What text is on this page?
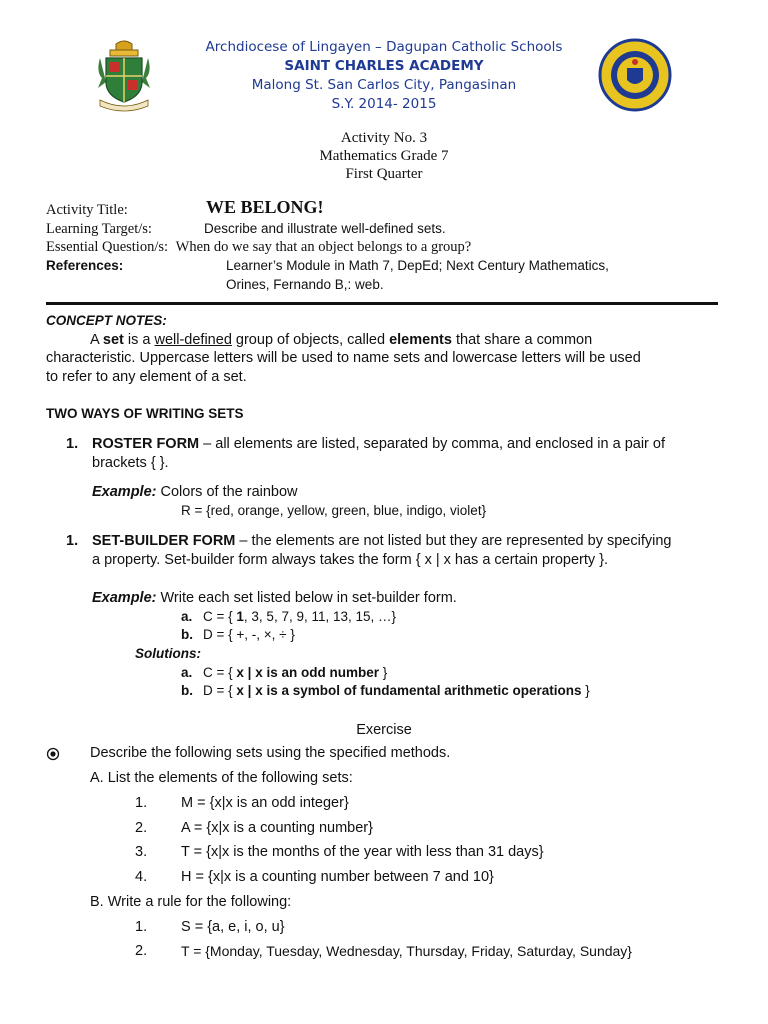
Archdiocese of Lingayen – Dagupan Catholic Schools
SAINT CHARLES ACADEMY
Malong St. San Carlos City, Pangasinan
S.Y. 2014- 2015
Activity No. 3
Mathematics Grade 7
First Quarter
Activity Title:	WE BELONG!
Learning Target/s:	Describe and illustrate well-defined sets.
Essential Question/s: When do we say that an object belongs to a group?
References:	Learner’s Module in Math 7, DepEd; Next Century Mathematics,
Orines, Fernando B,: web.
CONCEPT NOTES:
A set is a well-defined group of objects, called elements that share a common
characteristic. Uppercase letters will be used to name sets and lowercase letters will be used
to refer to any element of a set.
TWO WAYS OF WRITING SETS
1. ROSTER FORM – all elements are listed, separated by comma, and enclosed in a pair of
brackets { }.
Example: Colors of the rainbow
R = {red, orange, yellow, green, blue, indigo, violet}
1. SET-BUILDER FORM – the elements are not listed but they are represented by specifying
a property. Set-builder form always takes the form { x | x has a certain property }.
Example: Write each set listed below in set-builder form.
a. C = { 1, 3, 5, 7, 9, 11, 13, 15, …}
b. D = { +, -, ×, ÷ }
Solutions:
a. C = { x | x is an odd number }
b. D = { x | x is a symbol of fundamental arithmetic operations }
Exercise
Describe the following sets using the specified methods.
A. List the elements of the following sets:
1. M = {x|x is an odd integer}
2. A = {x|x is a counting number}
3. T = {x|x is the months of the year with less than 31 days}
4. H = {x|x is a counting number between 7 and 10}
B. Write a rule for the following:
1. S = {a, e, i, o, u}
2. T = {Monday, Tuesday, Wednesday, Thursday, Friday, Saturday, Sunday}
